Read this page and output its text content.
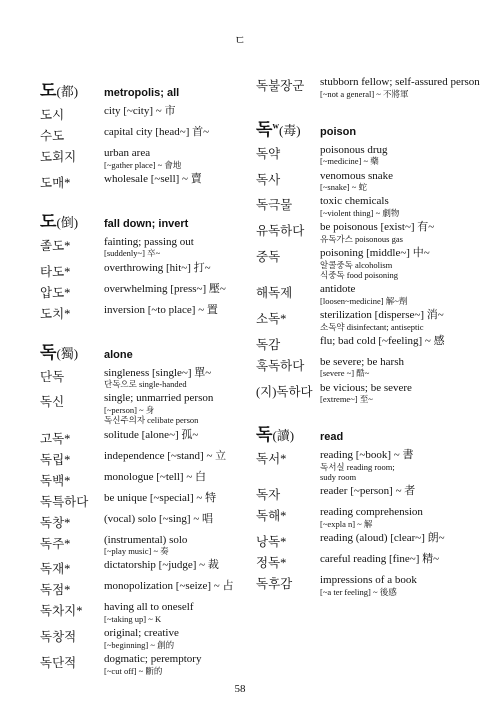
ㄷ
도(都)	metropolis; all
도시	city [~city] ~ 市
수도	capital city [head~] 首~
도회지	urban area
[~gather place] ~ 會地
도매*	wholesale [~sell] ~ 賣
도(倒)	fall down; invert
졸도*	fainting; passing out
[suddenly~] 卒~
타도*	overthrowing [hit~] 打~
압도*	overwhelming [press~] 壓~
도치*	inversion [~to place] ~ 置
독(獨)	alone
단독	singleness [single~] 單~
단독으로 single-handed
독신	single; unmarried person
[~person] ~ 身
독신주의자 celibate person
고독*	solitude [alone~] 孤~
독립*	independence [~stand] ~ 立
독백*	monologue [~tell] ~ 白
독특하다	be unique [~special] ~ 特
독창*	(vocal) solo [~sing] ~ 唱
독주*	(instrumental) solo
[~play music] ~ 奏
독재*	dictatorship [~judge] ~ 裁
독점*	monopolization [~seize] ~ 占
독차지*	having all to oneself
[~taking up] ~ K
독창적	original; creative
[~beginning] ~ 創的
독단적	dogmatic; peremptory
[~cut off] ~ 斷的
독불장군	stubborn fellow; self-assured person
[~not a general] ~ 不將軍
독$^w$(毒)	poison
독약	poisonous drug
[~medicine] ~ 藥
독사	venomous snake
[~snake] ~ 蛇
독극물	toxic chemicals
[~violent thing] ~ 劇物
유독하다	be poisonous [exist~] 有~
유독가스 poisonous gas
중독	poisoning [middle~] 中~
알콜중독 alcoholism
식중독 food poisoning
해독제	antidote
[loosen~medicine] 解~劑
소독*	sterilization [disperse~] 消~
소독약 disinfectant; antiseptic
독감	flu; bad cold [~feeling] ~ 感
혹독하다	be severe; be harsh
[severe ~] 酷~
(지)독하다 be vicious; be severe
[extreme~] 至~
독(讀)	read
독서*	reading [~book] ~ 書
독서실 reading room;
sudy room
독자	reader [~person] ~ 者
독해*	reading comprehension
[~expla n] ~ 解
낭독*	reading (aloud) [clear~] 朗~
정독*	careful reading [fine~] 精~
독후감	impressions of a book
[~a ter feeling] ~ 後感
58
